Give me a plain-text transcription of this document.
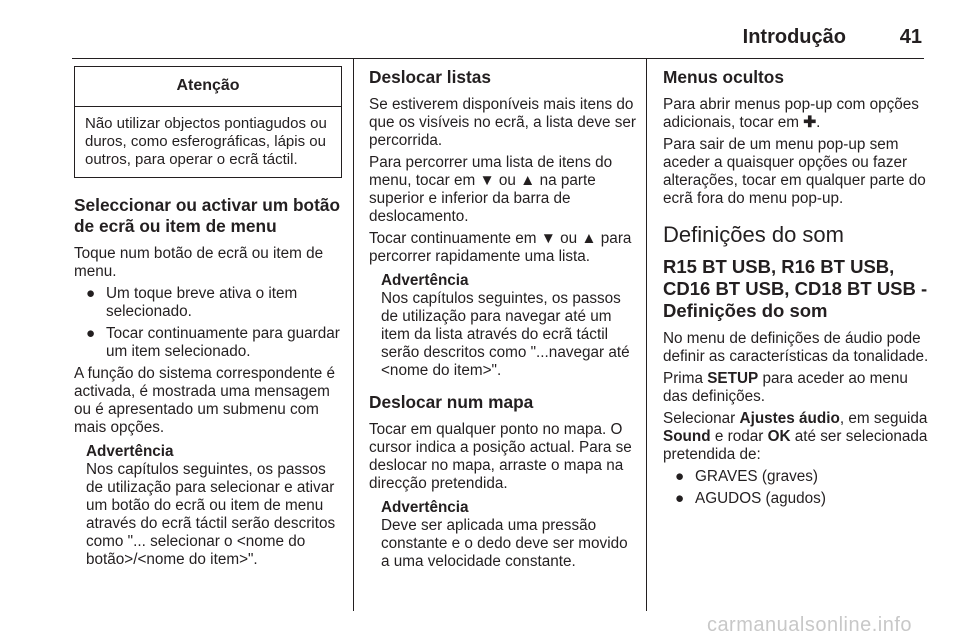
Introdução	41
Atenção
Não utilizar objectos pontiagudos ou duros, como esferográficas, lápis ou outros, para operar o ecrã táctil.
Seleccionar ou activar um botão de ecrã ou item de menu

Toque num botão de ecrã ou item de menu.

● Um toque breve ativa o item selecionado.
● Tocar continuamente para guardar um item selecionado.

A função do sistema correspondente é activada, é mostrada uma mensagem ou é apresentado um submenu com mais opções.

Advertência
Nos capítulos seguintes, os passos de utilização para selecionar e ativar um botão do ecrã ou item de menu através do ecrã táctil serão descritos como "... selecionar o <nome do botão>/<nome do item>".
Deslocar listas

Se estiverem disponíveis mais itens do que os visíveis no ecrã, a lista deve ser percorrida.

Para percorrer uma lista de itens do menu, tocar em ▼ ou ▲ na parte superior e inferior da barra de deslocamento.

Tocar continuamente em ▼ ou ▲ para percorrer rapidamente uma lista.

Advertência
Nos capítulos seguintes, os passos de utilização para navegar até um item da lista através do ecrã táctil serão descritos como "...navegar até <nome do item>".
Deslocar num mapa

Tocar em qualquer ponto no mapa. O cursor indica a posição actual. Para se deslocar no mapa, arraste o mapa na direcção pretendida.

Advertência
Deve ser aplicada uma pressão constante e o dedo deve ser movido a uma velocidade constante.
Menus ocultos

Para abrir menus pop-up com opções adicionais, tocar em ✚.

Para sair de um menu pop-up sem aceder a quaisquer opções ou fazer alterações, tocar em qualquer parte do ecrã fora do menu pop-up.

Definições do som
R15 BT USB, R16 BT USB, CD16 BT USB, CD18 BT USB - Definições do som

No menu de definições de áudio pode definir as características da tonalidade.

Prima SETUP para aceder ao menu das definições.

Selecionar Ajustes áudio, em seguida Sound e rodar OK até ser selecionada pretendida de:

● GRAVES (graves)
● AGUDOS (agudos)
carmanualsonline.info
